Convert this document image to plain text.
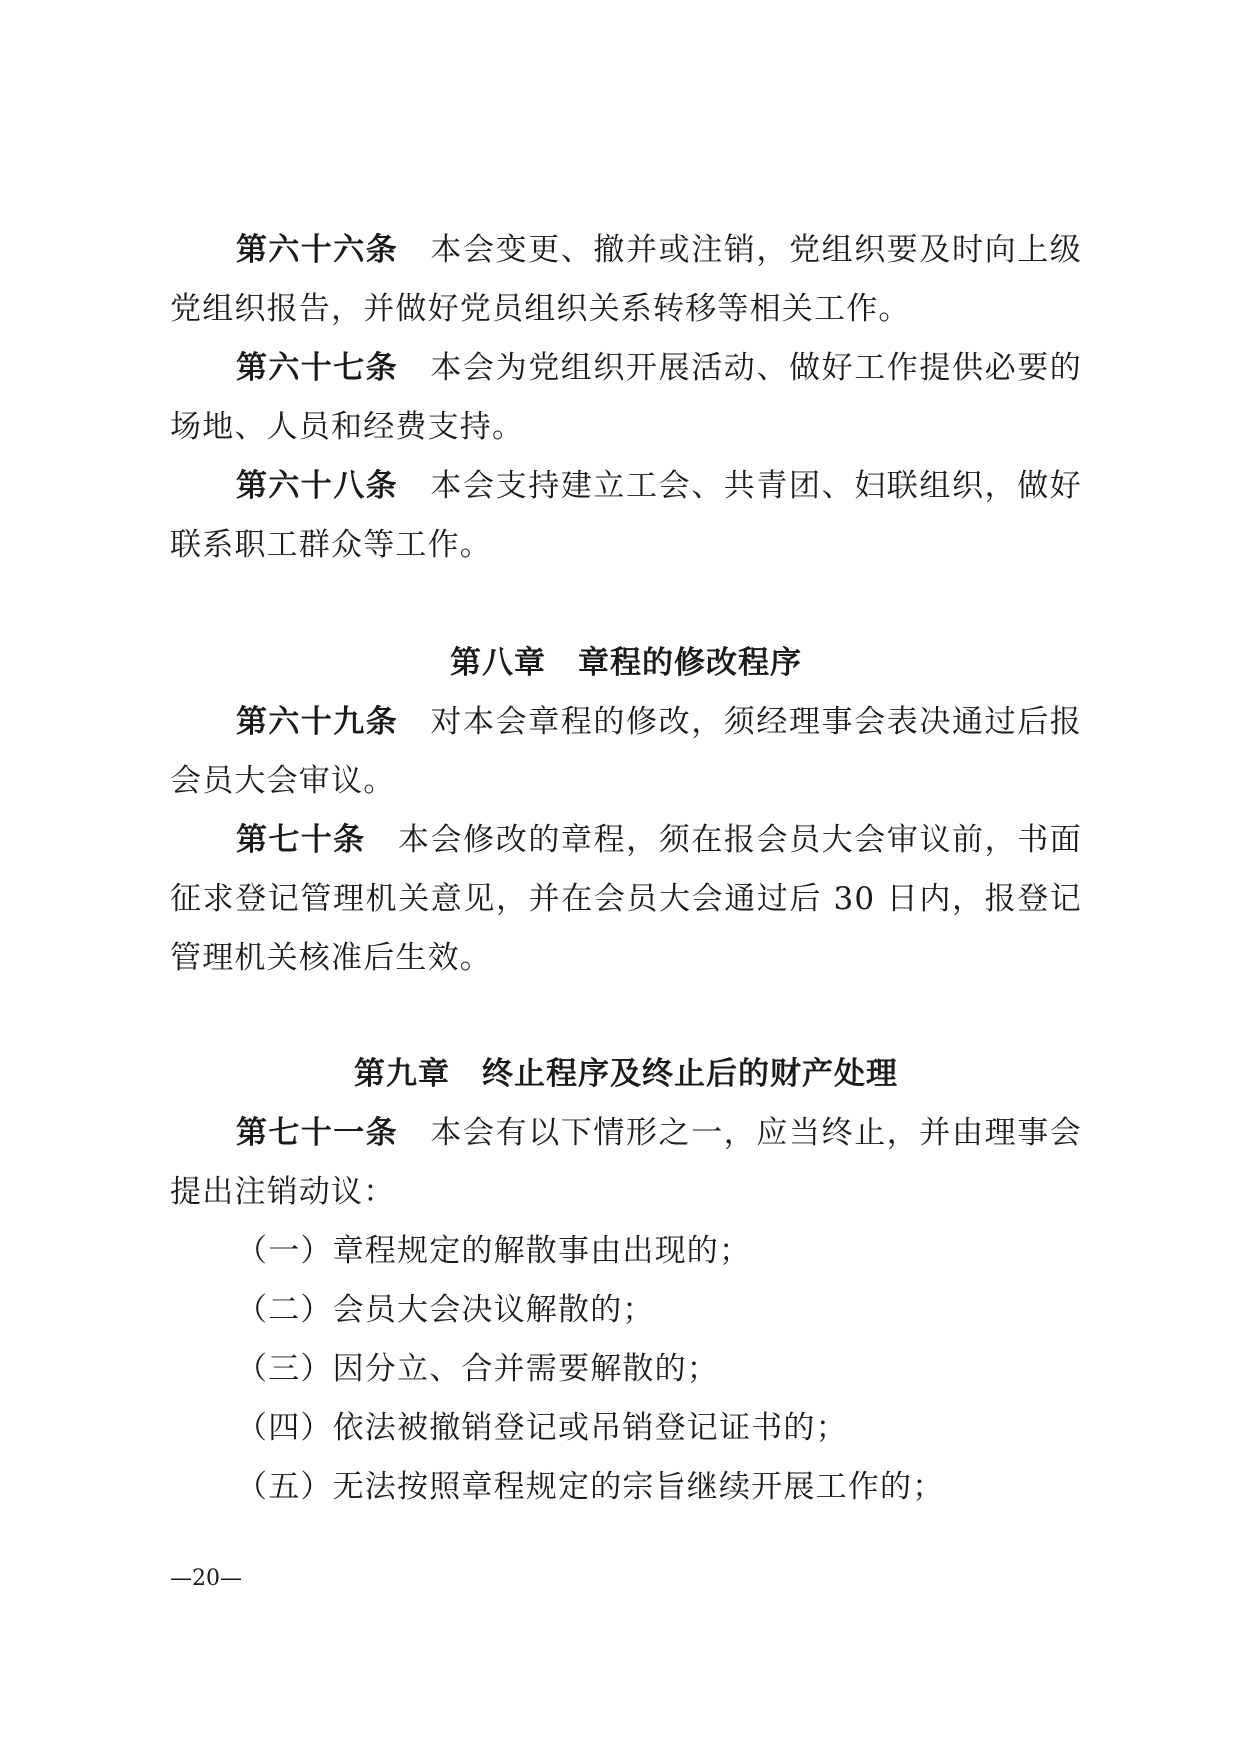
第六十六条 本会变更、撤并或注销，党组织要及时向上级党组织报告，并做好党员组织关系转移等相关工作。

第六十七条 本会为党组织开展活动、做好工作提供必要的场地、人员和经费支持。

第六十八条 本会支持建立工会、共青团、妇联组织，做好联系职工群众等工作。

第八章 章程的修改程序

第六十九条 对本会章程的修改，须经理事会表决通过后报会员大会审议。

第七十条 本会修改的章程，须在报会员大会审议前，书面征求登记管理机关意见，并在会员大会通过后 30 日内，报登记管理机关核准后生效。

第九章 终止程序及终止后的财产处理

第七十一条 本会有以下情形之一，应当终止，并由理事会提出注销动议：

（一）章程规定的解散事由出现的；

（二）会员大会决议解散的；

（三）因分立、合并需要解散的；

（四）依法被撤销登记或吊销登记证书的；

（五）无法按照章程规定的宗旨继续开展工作的；

—20—
